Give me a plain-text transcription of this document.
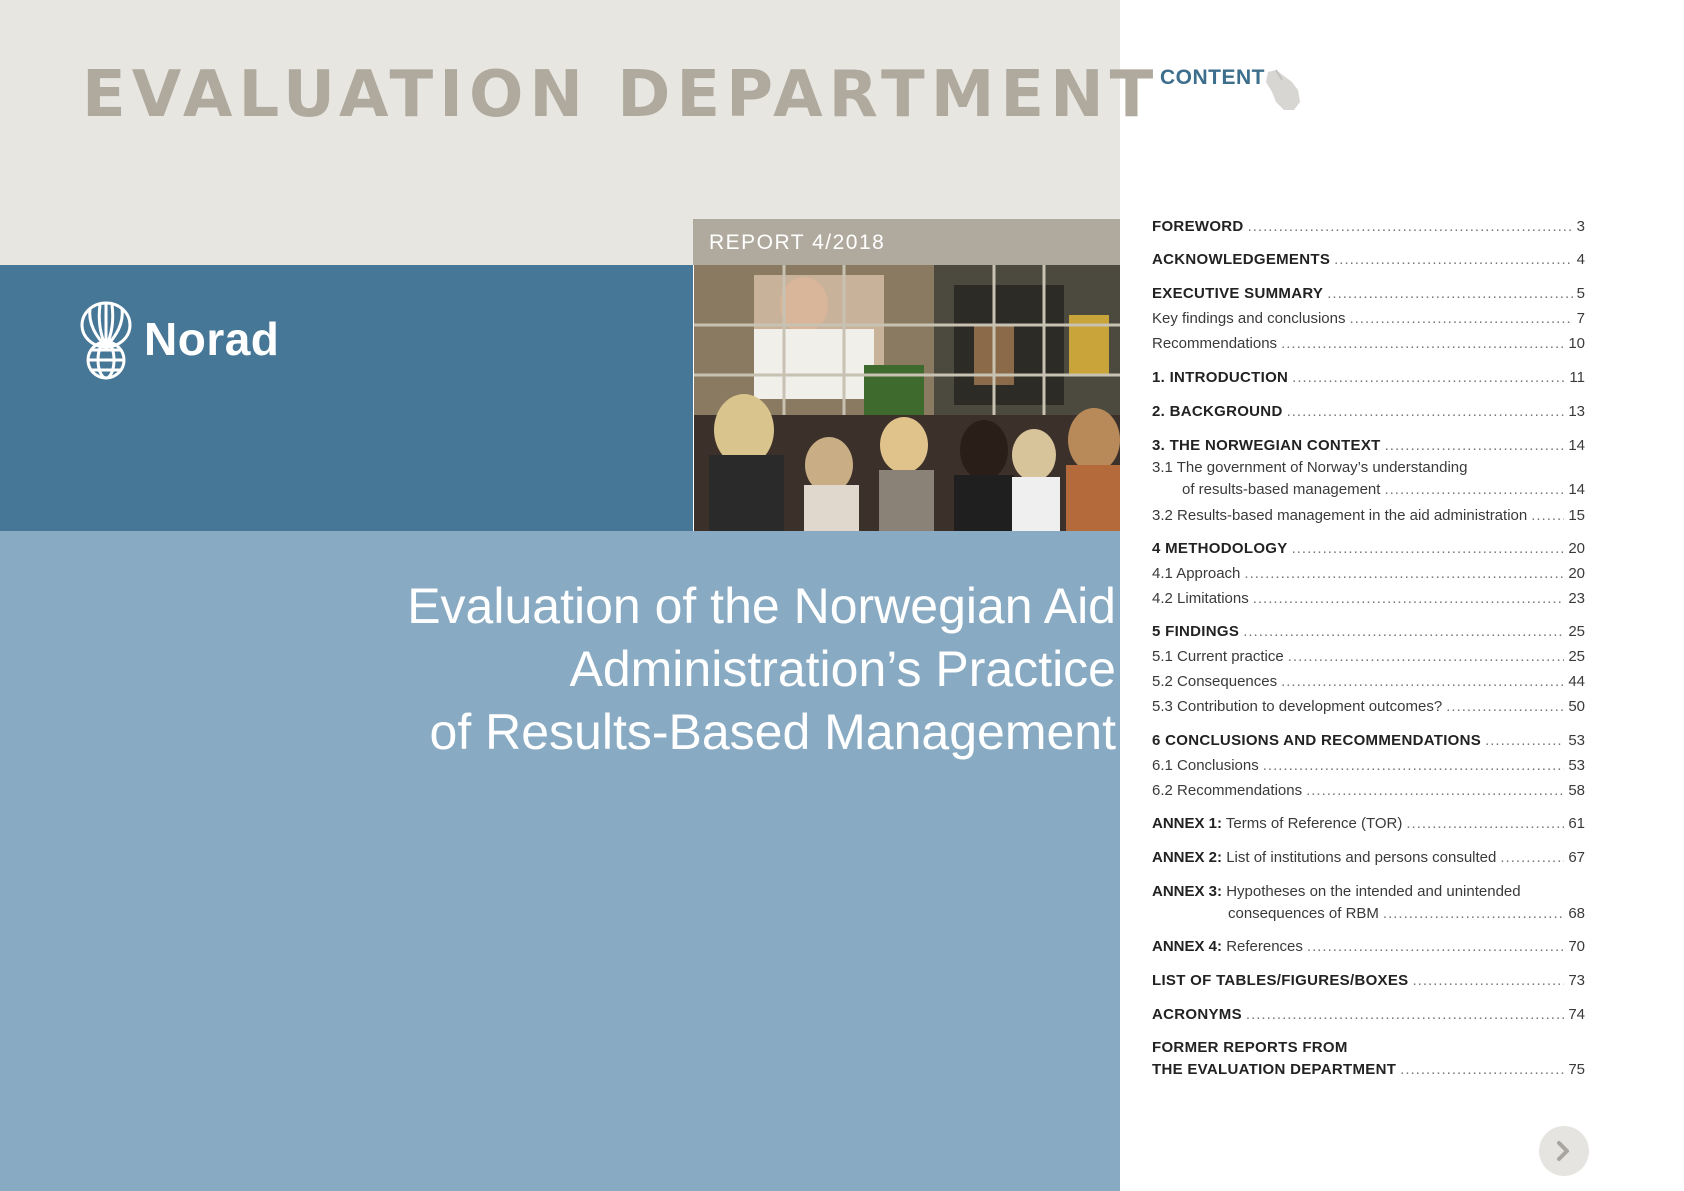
EVALUATION DEPARTMENT
Norad
REPORT 4/2018
Evaluation of the Norwegian Aid
Administration’s Practice
of Results-Based Management
CONTENT
FOREWORD .....	3
ACKNOWLEDGEMENTS .....	4
EXECUTIVE SUMMARY .....	5
Key findings and conclusions .....	7
Recommendations .....	10
1. INTRODUCTION .....	11
2. BACKGROUND .....	13
3. THE NORWEGIAN CONTEXT .....	14
3.1 The government of Norway’s understanding
of results-based management .....	14
3.2 Results-based management in the aid administration .....	15
4 METHODOLOGY .....	20
4.1 Approach .....	20
4.2 Limitations .....	23
5 FINDINGS .....	25
5.1 Current practice .....	25
5.2 Consequences .....	44
5.3 Contribution to development outcomes? .....	50
6 CONCLUSIONS AND RECOMMENDATIONS .....	53
6.1 Conclusions .....	53
6.2 Recommendations .....	58
ANNEX 1: Terms of Reference (TOR) .....	61
ANNEX 2: List of institutions and persons consulted .....	67
ANNEX 3: Hypotheses on the intended and unintended
consequences of RBM .....	68
ANNEX 4: References .....	70
LIST OF TABLES/FIGURES/BOXES .....	73
ACRONYMS .....	74
FORMER REPORTS FROM
THE EVALUATION DEPARTMENT .....	75
